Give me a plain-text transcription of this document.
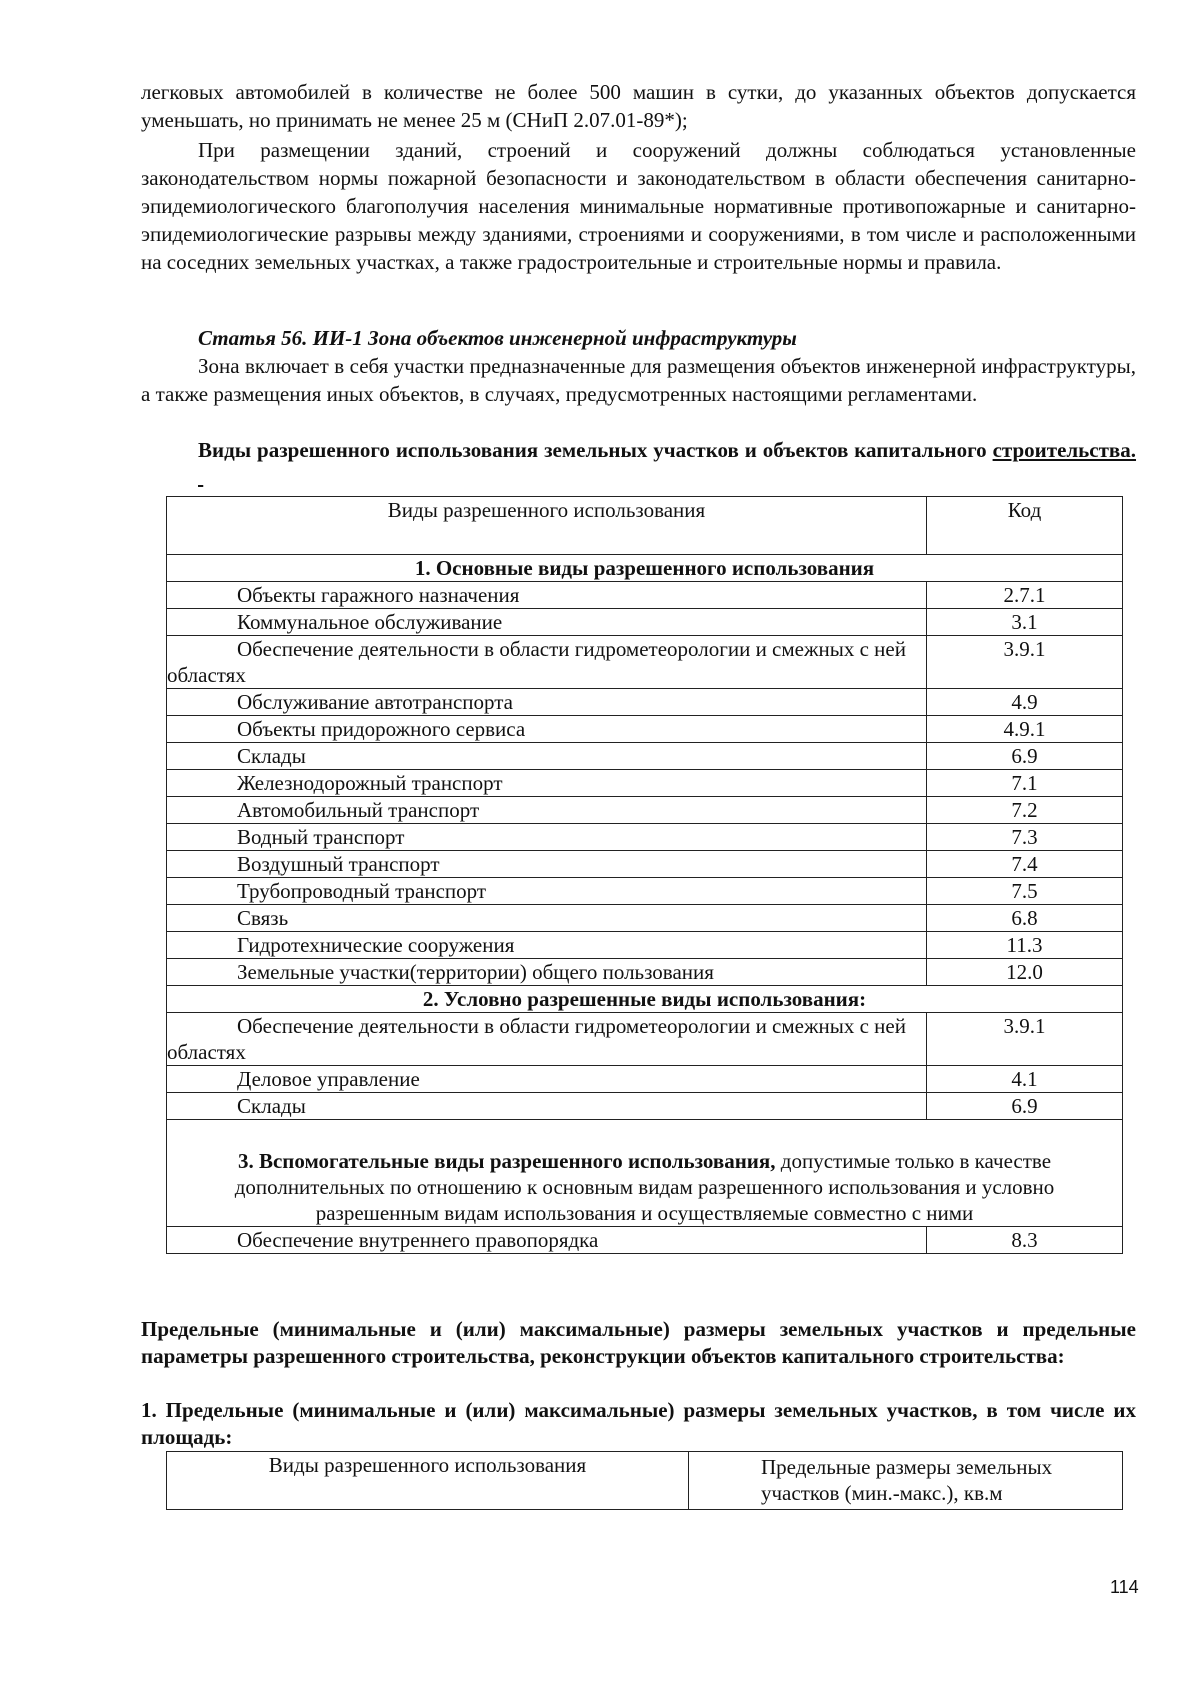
легковых автомобилей в количестве не более 500 машин в сутки, до указанных объектов допускается уменьшать, но принимать не менее 25 м (СНиП 2.07.01-89*);

При размещении зданий, строений и сооружений должны соблюдаться установленные законодательством нормы пожарной безопасности и законодательством в области обеспечения санитарно-эпидемиологического благополучия населения минимальные нормативные противопожарные и санитарно-эпидемиологические разрывы между зданиями, строениями и сооружениями, в том числе и расположенными на соседних земельных участках, а также градостроительные и строительные нормы и правила.

Статья 56. ИИ-1 Зона объектов инженерной инфраструктуры

Зона включает в себя участки предназначенные для размещения объектов инженерной инфраструктуры, а также размещения иных объектов, в случаях, предусмотренных настоящими регламентами.

Виды разрешенного использования земельных участков и объектов капитального строительства.

Виды разрешенного использования	Код
1. Основные виды разрешенного использования	

Объекты гаражного назначения	2.7.1

Коммунальное обслуживание	3.1

Обеспечение деятельности в области гидрометеорологии и смежных с ней областях	3.9.1

Обслуживание автотранспорта	4.9

Объекты придорожного сервиса	4.9.1

Склады	6.9

Железнодорожный транспорт	7.1

Автомобильный транспорт	7.2

Водный транспорт	7.3

Воздушный транспорт	7.4

Трубопроводный транспорт	7.5

Связь	6.8

Гидротехнические сооружения	11.3

Земельные участки(территории) общего пользования	12.0
2. Условно разрешенные виды использования:	

Обеспечение деятельности в области гидрометеорологии и смежных с ней областях	3.9.1

Деловое управление	4.1

Склады	6.9
3. Вспомогательные виды разрешенного использования, допустимые только в качестве дополнительных по отношению к основным видам разрешенного использования и условно разрешенным видам использования и осуществляемые совместно с ними	

Обеспечение внутреннего правопорядка	8.3

Предельные (минимальные и (или) максимальные) размеры земельных участков и предельные параметры разрешенного строительства, реконструкции объектов капитального строительства:

1. Предельные (минимальные и (или) максимальные) размеры земельных участков, в том числе их площадь:

Виды разрешенного использования	Предельные размеры земельных участков (мин.-макс.), кв.м
114
